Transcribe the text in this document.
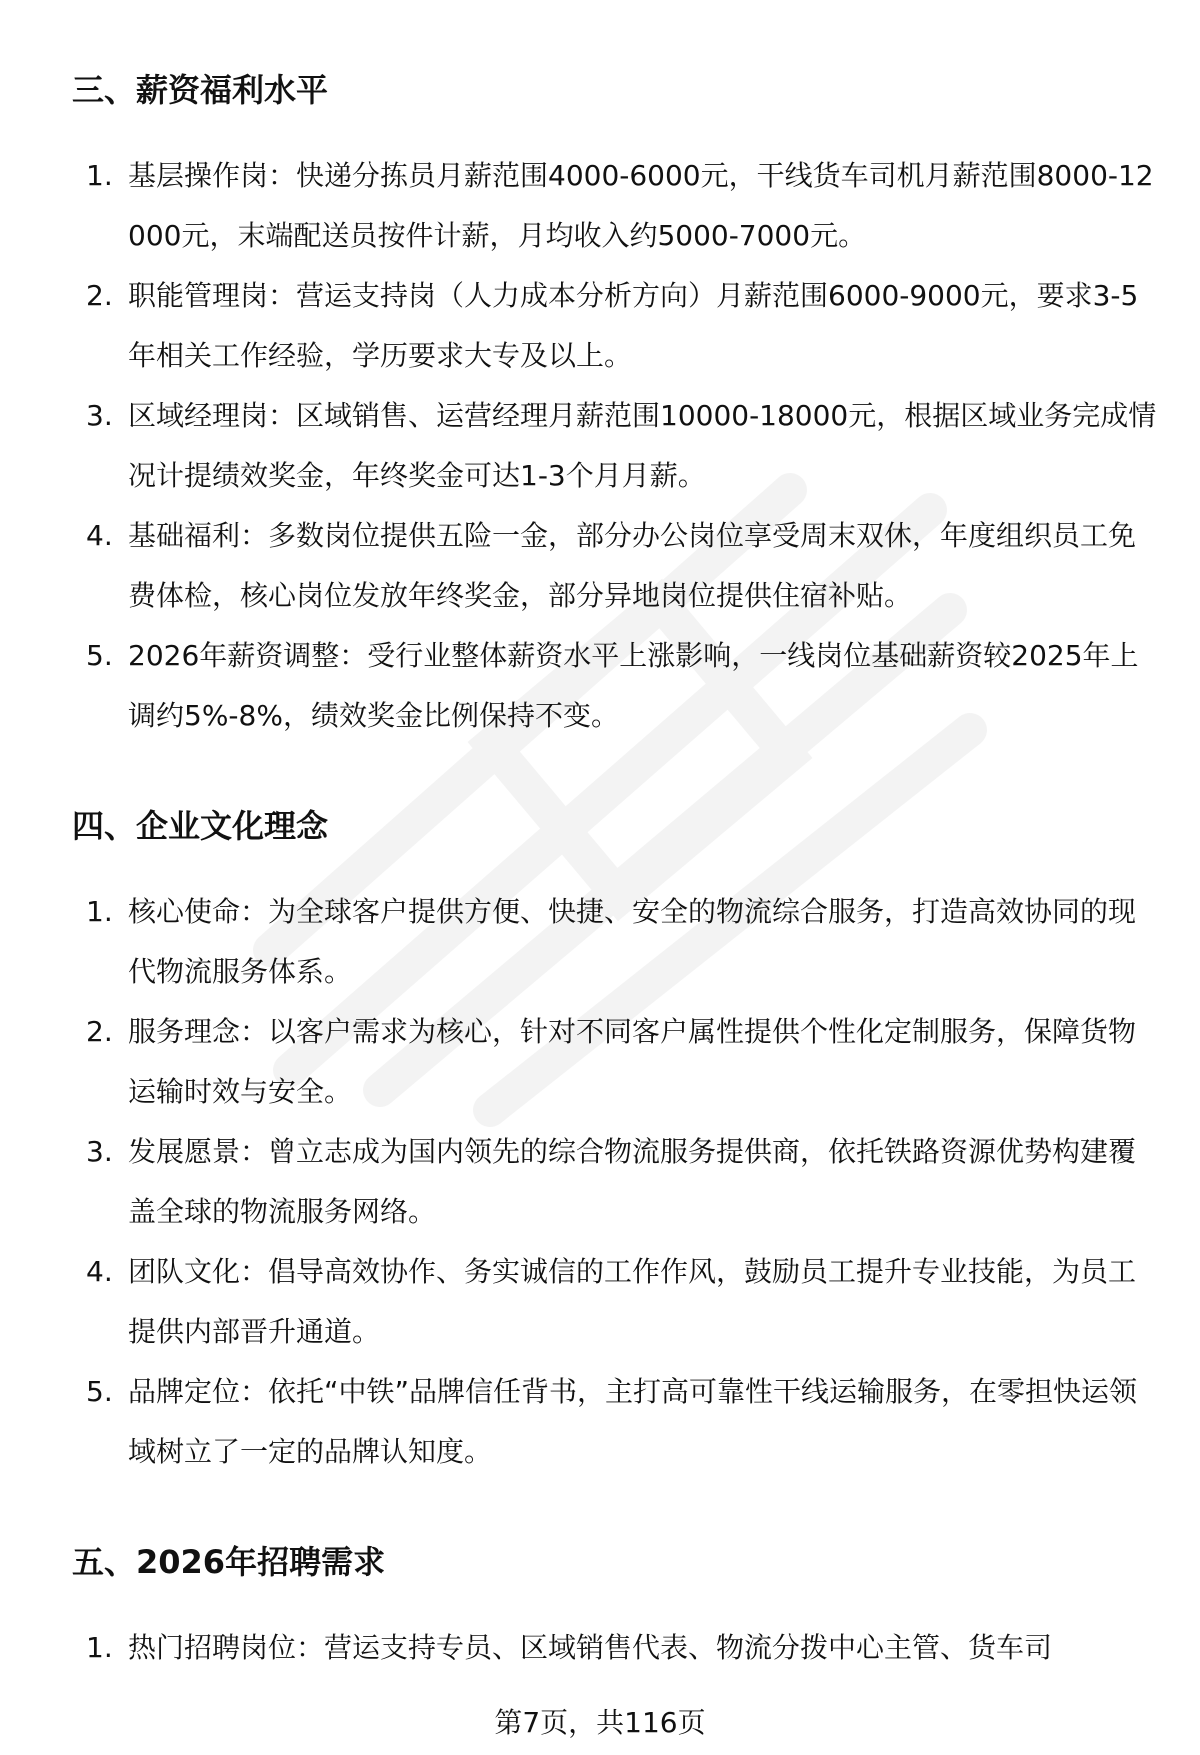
三、薪资福利水平
1. 基层操作岗：快递分拣员月薪范围4000-6000元，干线货车司机月薪范围8000-12000元，末端配送员按件计薪，月均收入约5000-7000元。
2. 职能管理岗：营运支持岗（人力成本分析方向）月薪范围6000-9000元，要求3-5年相关工作经验，学历要求大专及以上。
3. 区域经理岗：区域销售、运营经理月薪范围10000-18000元，根据区域业务完成情况计提绩效奖金，年终奖金可达1-3个月月薪。
4. 基础福利：多数岗位提供五险一金，部分办公岗位享受周末双休，年度组织员工免费体检，核心岗位发放年终奖金，部分异地岗位提供住宿补贴。
5. 2026年薪资调整：受行业整体薪资水平上涨影响，一线岗位基础薪资较2025年上调约5%-8%，绩效奖金比例保持不变。
四、企业文化理念
1. 核心使命：为全球客户提供方便、快捷、安全的物流综合服务，打造高效协同的现代物流服务体系。
2. 服务理念：以客户需求为核心，针对不同客户属性提供个性化定制服务，保障货物运输时效与安全。
3. 发展愿景：曾立志成为国内领先的综合物流服务提供商，依托铁路资源优势构建覆盖全球的物流服务网络。
4. 团队文化：倡导高效协作、务实诚信的工作作风，鼓励员工提升专业技能，为员工提供内部晋升通道。
5. 品牌定位：依托“中铁”品牌信任背书，主打高可靠性干线运输服务，在零担快运领域树立了一定的品牌认知度。
五、2026年招聘需求
1. 热门招聘岗位：营运支持专员、区域销售代表、物流分拨中心主管、货车司
第7页，共116页
